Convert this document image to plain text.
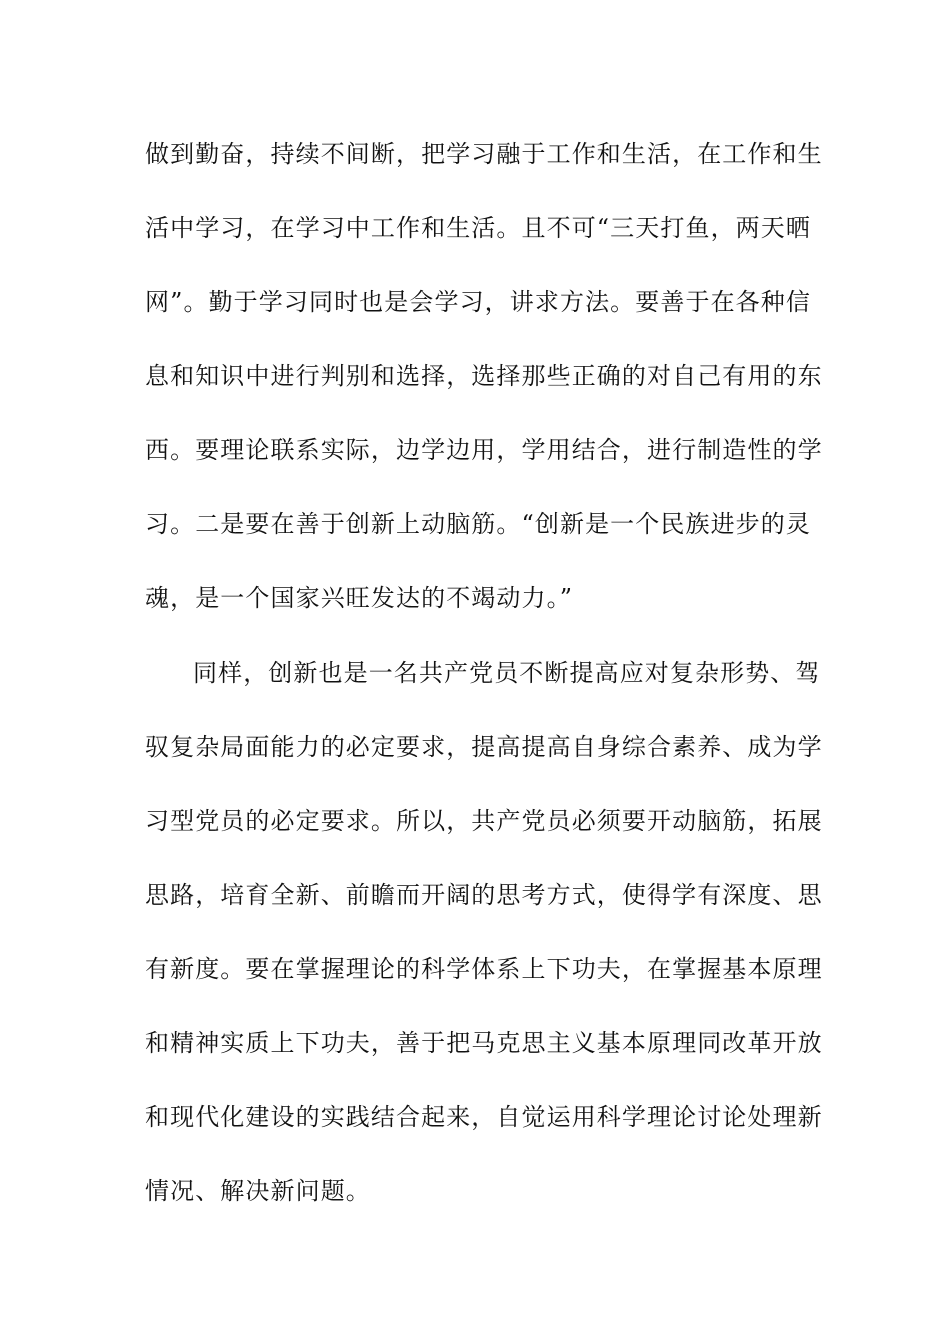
做到勤奋，持续不间断，把学习融于工作和生活，在工作和生
活中学习，在学习中工作和生活。且不可“三天打鱼，两天晒
网”。勤于学习同时也是会学习，讲求方法。要善于在各种信
息和知识中进行判别和选择，选择那些正确的对自己有用的东
西。要理论联系实际，边学边用，学用结合，进行制造性的学
习。二是要在善于创新上动脑筋。“创新是一个民族进步的灵
魂，是一个国家兴旺发达的不竭动力。”
同样，创新也是一名共产党员不断提高应对复杂形势、驾
驭复杂局面能力的必定要求，提高提高自身综合素养、成为学
习型党员的必定要求。所以，共产党员必须要开动脑筋，拓展
思路，培育全新、前瞻而开阔的思考方式，使得学有深度、思
有新度。要在掌握理论的科学体系上下功夫，在掌握基本原理
和精神实质上下功夫，善于把马克思主义基本原理同改革开放
和现代化建设的实践结合起来，自觉运用科学理论讨论处理新
情况、解决新问题。
